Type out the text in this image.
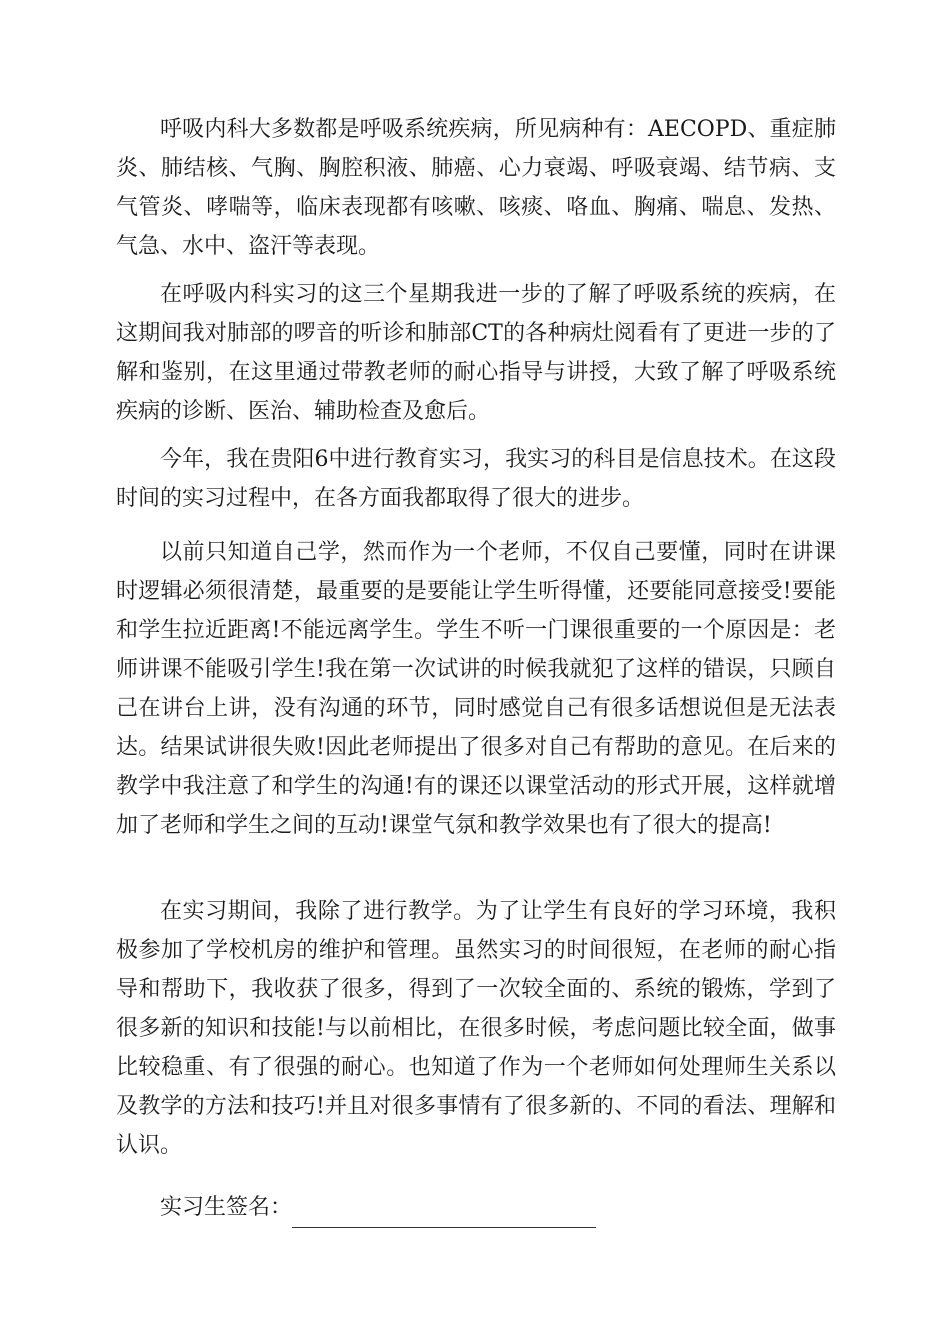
呼吸内科大多数都是呼吸系统疾病，所见病种有：AECOPD、重症肺炎、肺结核、气胸、胸腔积液、肺癌、心力衰竭、呼吸衰竭、结节病、支气管炎、哮喘等，临床表现都有咳嗽、咳痰、咯血、胸痛、喘息、发热、气急、水中、盗汗等表现。

在呼吸内科实习的这三个星期我进一步的了解了呼吸系统的疾病，在这期间我对肺部的啰音的听诊和肺部CT的各种病灶阅看有了更进一步的了解和鉴别，在这里通过带教老师的耐心指导与讲授，大致了解了呼吸系统疾病的诊断、医治、辅助检查及愈后。

今年，我在贵阳6中进行教育实习，我实习的科目是信息技术。在这段时间的实习过程中，在各方面我都取得了很大的进步。

以前只知道自己学，然而作为一个老师，不仅自己要懂，同时在讲课时逻辑必须很清楚，最重要的是要能让学生听得懂，还要能同意接受!要能和学生拉近距离!不能远离学生。学生不听一门课很重要的一个原因是：老师讲课不能吸引学生!我在第一次试讲的时候我就犯了这样的错误，只顾自己在讲台上讲，没有沟通的环节，同时感觉自己有很多话想说但是无法表达。结果试讲很失败!因此老师提出了很多对自己有帮助的意见。在后来的教学中我注意了和学生的沟通!有的课还以课堂活动的形式开展，这样就增加了老师和学生之间的互动!课堂气氛和教学效果也有了很大的提高!

在实习期间，我除了进行教学。为了让学生有良好的学习环境，我积极参加了学校机房的维护和管理。虽然实习的时间很短，在老师的耐心指导和帮助下，我收获了很多，得到了一次较全面的、系统的锻炼，学到了很多新的知识和技能!与以前相比，在很多时候，考虑问题比较全面，做事比较稳重、有了很强的耐心。也知道了作为一个老师如何处理师生关系以及教学的方法和技巧!并且对很多事情有了很多新的、不同的看法、理解和认识。

实习生签名：
